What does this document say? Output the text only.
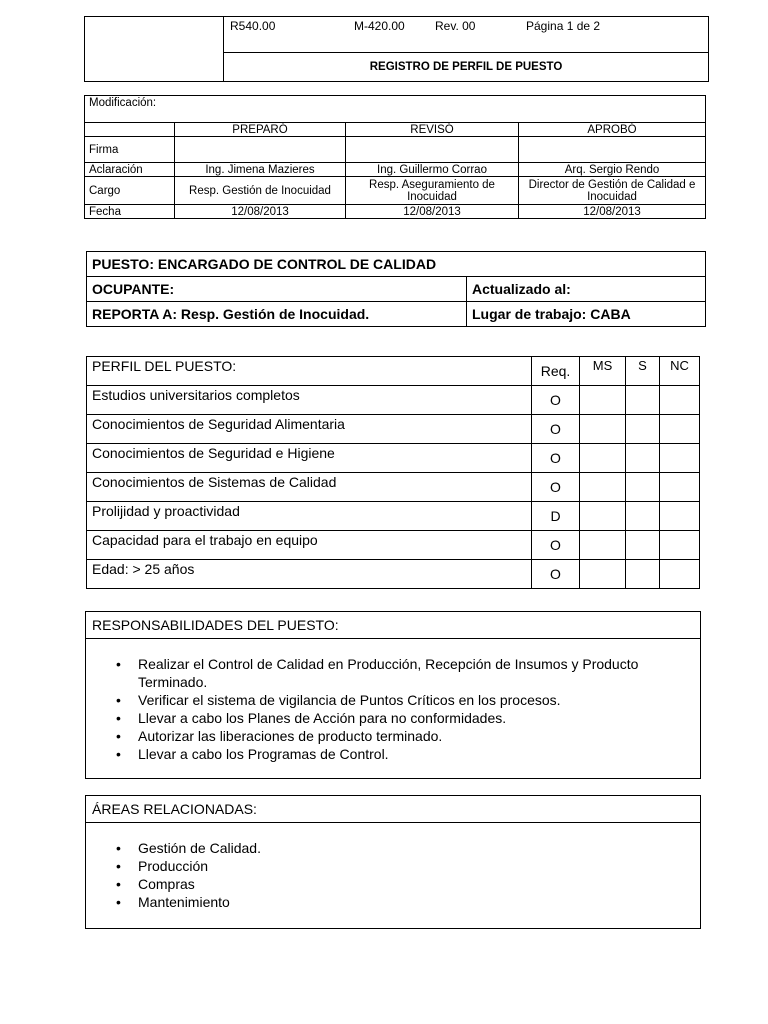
R540.00	M-420.00	Rev. 00	Página 1 de 2

REGISTRO DE PERFIL DE PUESTO
Modificación:			
	PREPARÓ	REVISÓ	APROBÓ
Firma			
Aclaración	Ing. Jimena Mazieres	Ing. Guillermo Corrao	Arq. Sergio Rendo
Cargo	Resp. Gestión de Inocuidad	Resp. Aseguramiento de Inocuidad	Director de Gestión de Calidad e Inocuidad
Fecha	12/08/2013	12/08/2013	12/08/2013
PUESTO: ENCARGADO DE CONTROL DE CALIDAD	
OCUPANTE:	Actualizado al:
REPORTA A: Resp. Gestión de Inocuidad.	Lugar de trabajo: CABA
PERFIL DEL PUESTO:	Req.	MS	S	NC
Estudios universitarios completos	O			
Conocimientos de Seguridad Alimentaria	O			
Conocimientos de Seguridad e Higiene	O			
Conocimientos de Sistemas de Calidad	O			
Prolijidad y proactividad	D			
Capacidad para el trabajo en equipo	O			
Edad: > 25 años	O			
RESPONSABILIDADES DEL PUESTO:
• Realizar el Control de Calidad en Producción, Recepción de Insumos y Producto Terminado.
• Verificar el sistema de vigilancia de Puntos Críticos en los procesos.
• Llevar a cabo los Planes de Acción para no conformidades.
• Autorizar las liberaciones de producto terminado.
• Llevar a cabo los Programas de Control.
ÁREAS RELACIONADAS:
• Gestión de Calidad.
• Producción
• Compras
• Mantenimiento
